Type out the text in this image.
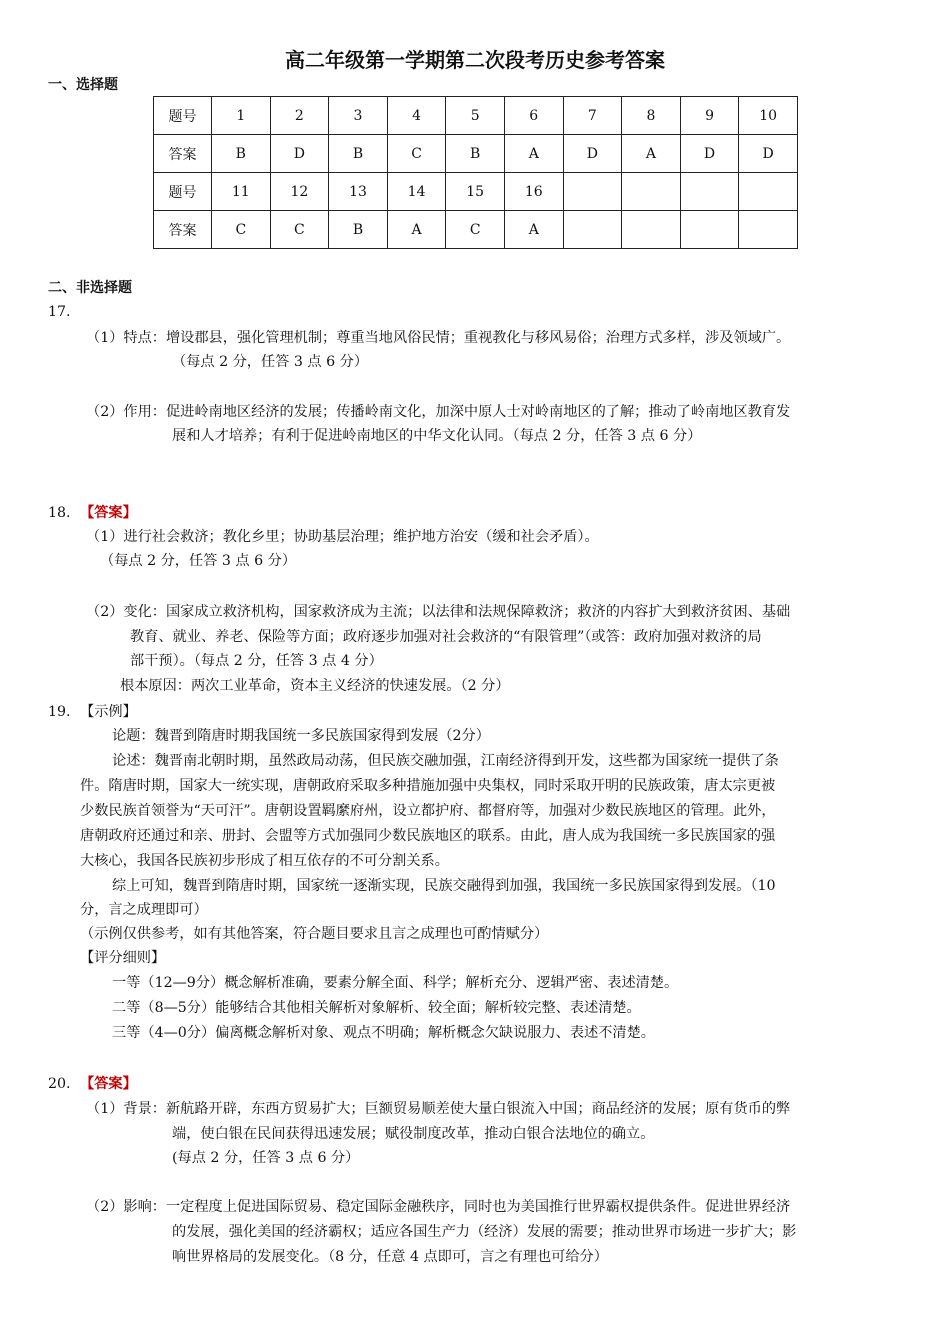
高二年级第一学期第二次段考历史参考答案
一、选择题
题号	1	2	3	4	5	6	7	8	9	10
答案	B	D	B	C	B	A	D	A	D	D
题号	11	12	13	14	15	16				
答案	C	C	B	A	C	A				
二、非选择题
17.
（1）特点：增设郡县，强化管理机制；尊重当地风俗民情；重视教化与移风易俗；治理方式多样，涉及领域广。
（每点 2 分，任答 3 点 6 分）
（2）作用：促进岭南地区经济的发展；传播岭南文化，加深中原人士对岭南地区的了解；推动了岭南地区教育发
展和人才培养；有利于促进岭南地区的中华文化认同。（每点 2 分，任答 3 点 6 分）
18. 【答案】
（1）进行社会救济；教化乡里；协助基层治理；维护地方治安（缓和社会矛盾）。
（每点 2 分，任答 3 点 6 分）
（2）变化：国家成立救济机构，国家救济成为主流；以法律和法规保障救济；救济的内容扩大到救济贫困、基础
教育、就业、养老、保险等方面；政府逐步加强对社会救济的“有限管理”（或答：政府加强对救济的局
部干预）。（每点 2 分，任答 3 点 4 分）
根本原因：两次工业革命，资本主义经济的快速发展。（2 分）
19. 【示例】
论题：魏晋到隋唐时期我国统一多民族国家得到发展（2分）
论述：魏晋南北朝时期，虽然政局动荡，但民族交融加强，江南经济得到开发，这些都为国家统一提供了条
件。隋唐时期，国家大一统实现，唐朝政府采取多种措施加强中央集权，同时采取开明的民族政策，唐太宗更被
少数民族首领誉为“天可汗”。唐朝设置羁縻府州，设立都护府、都督府等，加强对少数民族地区的管理。此外，
唐朝政府还通过和亲、册封、会盟等方式加强同少数民族地区的联系。由此，唐人成为我国统一多民族国家的强
大核心，我国各民族初步形成了相互依存的不可分割关系。
综上可知，魏晋到隋唐时期，国家统一逐渐实现，民族交融得到加强，我国统一多民族国家得到发展。（10
分，言之成理即可）
（示例仅供参考，如有其他答案，符合题目要求且言之成理也可酌情赋分）
【评分细则】
一等（12—9分）概念解析准确，要素分解全面、科学；解析充分、逻辑严密、表述清楚。
二等（8—5分）能够结合其他相关解析对象解析、较全面；解析较完整、表述清楚。
三等（4—0分）偏离概念解析对象、观点不明确；解析概念欠缺说服力、表述不清楚。
20. 【答案】
（1）背景：新航路开辟，东西方贸易扩大；巨额贸易顺差使大量白银流入中国；商品经济的发展；原有货币的弊
端，使白银在民间获得迅速发展；赋役制度改革，推动白银合法地位的确立。
(每点 2 分，任答 3 点 6 分）
（2）影响：一定程度上促进国际贸易、稳定国际金融秩序，同时也为美国推行世界霸权提供条件。促进世界经济
的发展，强化美国的经济霸权；适应各国生产力（经济）发展的需要；推动世界市场进一步扩大；影
响世界格局的发展变化。（8 分，任意 4 点即可，言之有理也可给分）
